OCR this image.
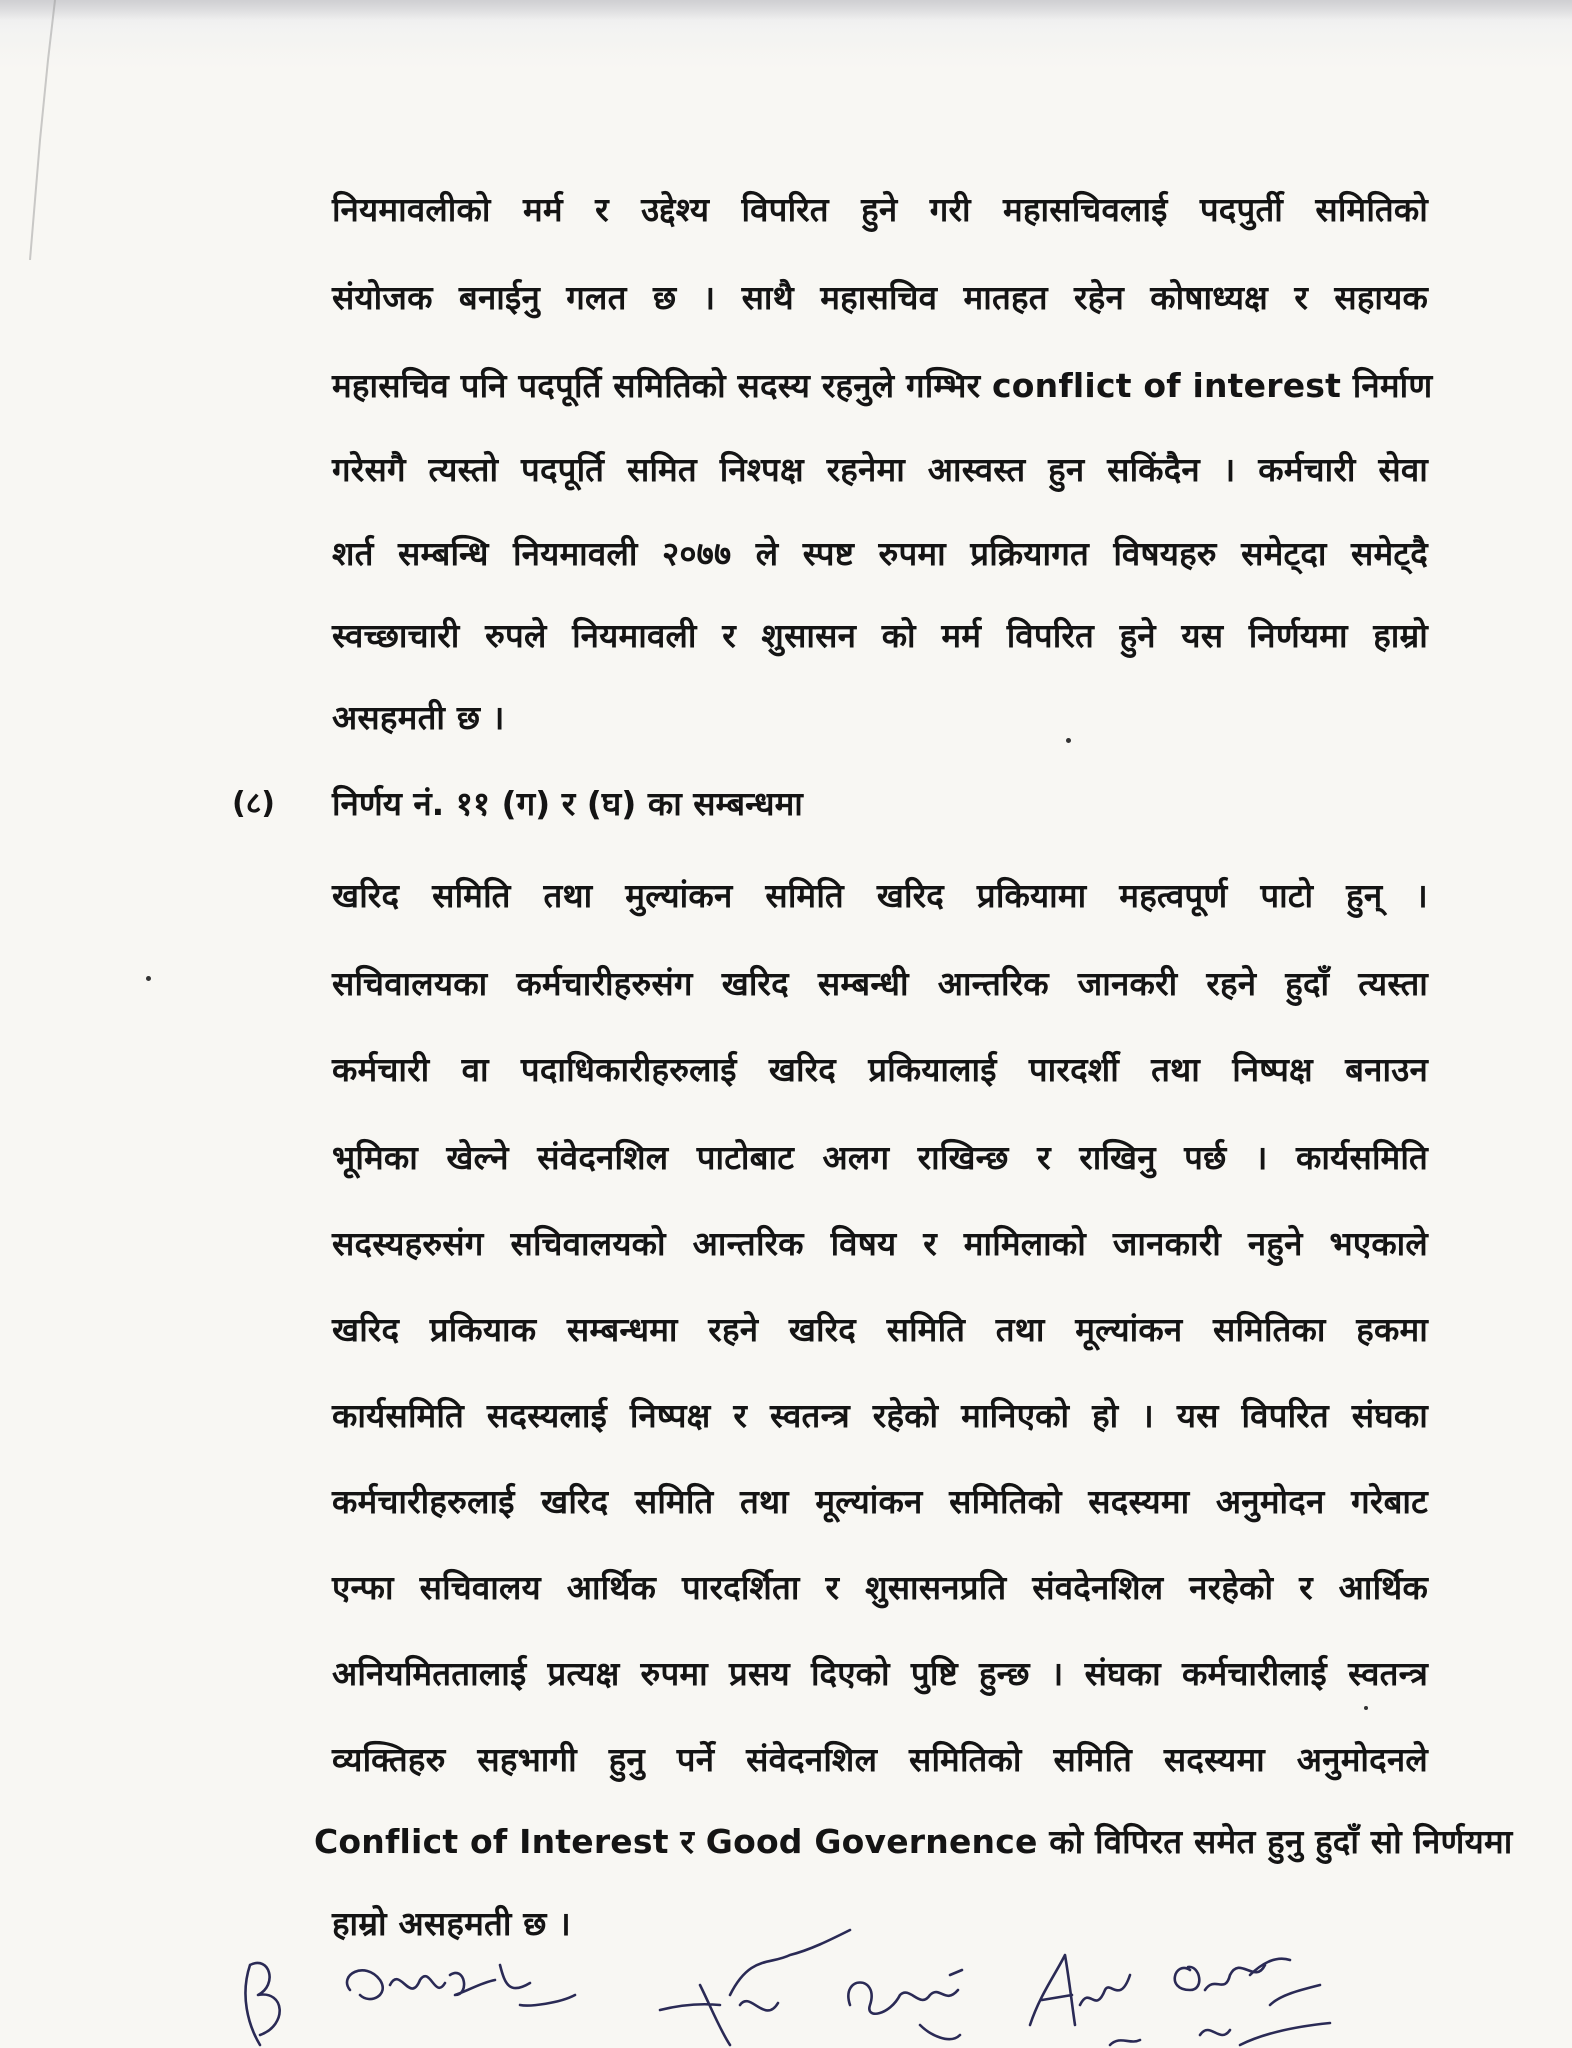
नियमावलीको मर्म र उद्देश्य विपरित हुने गरी महासचिवलाई पदपुर्ती समितिको
संयोजक बनाईनु गलत छ । साथै महासचिव मातहत रहेन कोषाध्यक्ष र सहायक
महासचिव पनि पदपूर्ति समितिको सदस्य रहनुले गम्भिर conflict of interest निर्माण
गरेसगै त्यस्तो पदपूर्ति समित निश्पक्ष रहनेमा आस्वस्त हुन सकिंदैन । कर्मचारी सेवा
शर्त सम्बन्धि नियमावली २०७७ ले स्पष्ट रुपमा प्रक्रियागत विषयहरु समेट्दा समेट्दै
स्वच्छाचारी रुपले नियमावली र शुसासन को मर्म विपरित हुने यस निर्णयमा हाम्रो
असहमती छ ।
(८) निर्णय नं. ११ (ग) र (घ) का सम्बन्धमा
खरिद समिति तथा मुल्यांकन समिति खरिद प्रकियामा महत्वपूर्ण पाटो हुन् ।
सचिवालयका कर्मचारीहरुसंग खरिद सम्बन्धी आन्तरिक जानकरी रहने हुदाँ त्यस्ता
कर्मचारी वा पदाधिकारीहरुलाई खरिद प्रकियालाई पारदर्शी तथा निष्पक्ष बनाउन
भूमिका खेल्ने संवेदनशिल पाटोबाट अलग राखिन्छ र राखिनु पर्छ । कार्यसमिति
सदस्यहरुसंग सचिवालयको आन्तरिक विषय र मामिलाको जानकारी नहुने भएकाले
खरिद प्रकियाक सम्बन्धमा रहने खरिद समिति तथा मूल्यांकन समितिका हकमा
कार्यसमिति सदस्यलाई निष्पक्ष र स्वतन्त्र रहेको मानिएको हो । यस विपरित संघका
कर्मचारीहरुलाई खरिद समिति तथा मूल्यांकन समितिको सदस्यमा अनुमोदन गरेबाट
एन्फा सचिवालय आर्थिक पारदर्शिता र शुसासनप्रति संवदेनशिल नरहेको र आर्थिक
अनियमिततालाई प्रत्यक्ष रुपमा प्रसय दिएको पुष्टि हुन्छ । संघका कर्मचारीलाई स्वतन्त्र
व्यक्तिहरु सहभागी हुनु पर्ने संवेदनशिल समितिको समिति सदस्यमा अनुमोदनले
Conflict of Interest र Good Governence को विपिरत समेत हुनु हुदाँ सो निर्णयमा
हाम्रो असहमती छ ।
